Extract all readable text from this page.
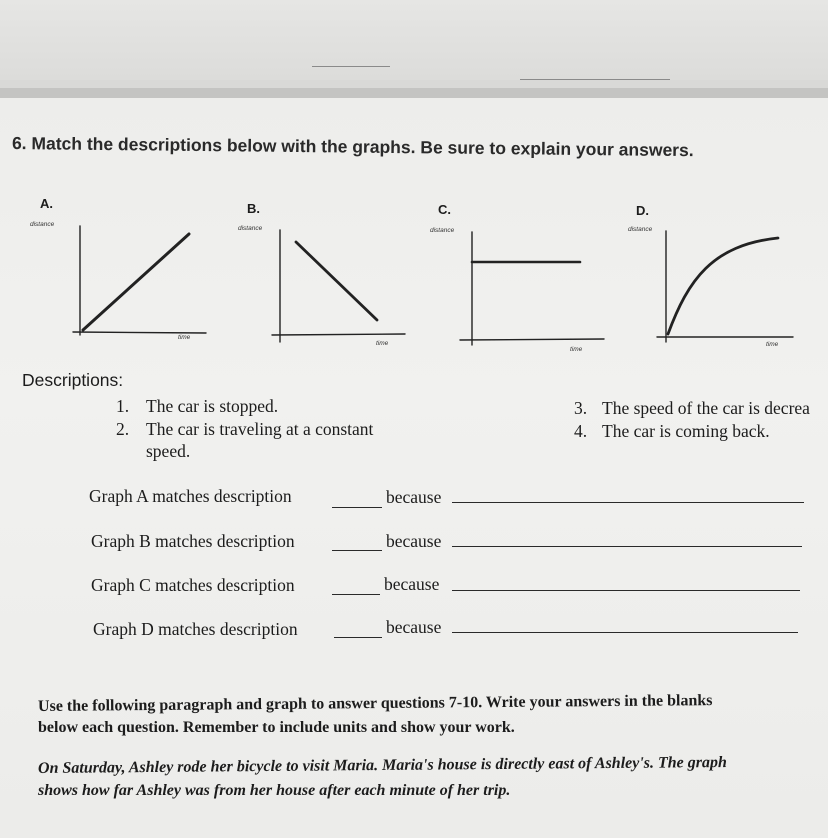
6. Match the descriptions below with the graphs. Be sure to explain your answers.
A.
distance
time
B.
distance
time
C.
distance
time
D.
distance
time
Descriptions:
1. The car is stopped.
2. The car is traveling at a constant
speed.
3. The speed of the car is decrea
4. The car is coming back.
Graph A matches description	because
Graph B matches description	because
Graph C matches description	because
Graph D matches description	because
Use the following paragraph and graph to answer questions 7-10. Write your answers in the blanks
below each question. Remember to include units and show your work.
On Saturday, Ashley rode her bicycle to visit Maria. Maria's house is directly east of Ashley's. The graph
shows how far Ashley was from her house after each minute of her trip.
